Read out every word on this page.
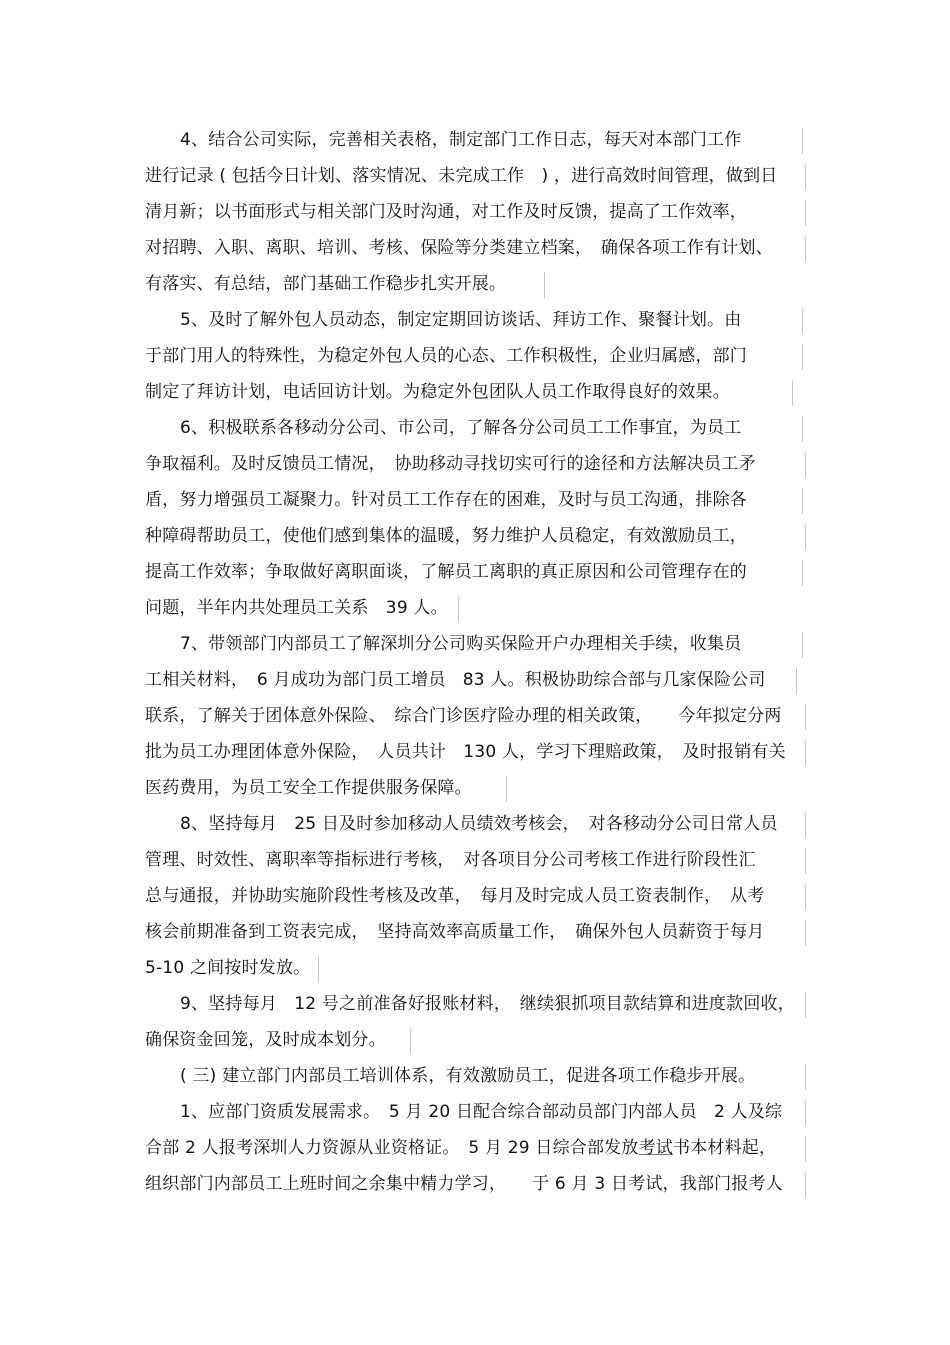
4、结合公司实际，完善相关表格，制定部门工作日志，每天对本部门工作
进行记录 ( 包括今日计划、落实情况、未完成工作　) ，进行高效时间管理，做到日
清月新；以书面形式与相关部门及时沟通，对工作及时反馈，提高了工作效率，
对招聘、入职、离职、培训、考核、保险等分类建立档案，　确保各项工作有计划、
有落实、有总结，部门基础工作稳步扎实开展。
5、及时了解外包人员动态，制定定期回访谈话、拜访工作、聚餐计划。由
于部门用人的特殊性，为稳定外包人员的心态、工作积极性，企业归属感，部门
制定了拜访计划，电话回访计划。为稳定外包团队人员工作取得良好的效果。
6、积极联系各移动分公司、市公司，了解各分公司员工工作事宜，为员工
争取福利。及时反馈员工情况，　协助移动寻找切实可行的途径和方法解决员工矛
盾，努力增强员工凝聚力。针对员工工作存在的困难，及时与员工沟通，排除各
种障碍帮助员工，使他们感到集体的温暖，努力维护人员稳定，有效激励员工，
提高工作效率；争取做好离职面谈，了解员工离职的真正原因和公司管理存在的
问题，半年内共处理员工关系　39 人。
7、带领部门内部员工了解深圳分公司购买保险开户办理相关手续，收集员
工相关材料，　6 月成功为部门员工增员　83 人。积极协助综合部与几家保险公司
联系，了解关于团体意外保险、　综合门诊医疗险办理的相关政策，　　今年拟定分两
批为员工办理团体意外保险，　人员共计　130 人，学习下理赔政策，　及时报销有关
医药费用，为员工安全工作提供服务保障。
8、坚持每月　25 日及时参加移动人员绩效考核会，　对各移动分公司日常人员
管理、时效性、离职率等指标进行考核，　对各项目分公司考核工作进行阶段性汇
总与通报，并协助实施阶段性考核及改革，　每月及时完成人员工资表制作，　从考
核会前期准备到工资表完成，　坚持高效率高质量工作，　确保外包人员薪资于每月
5-10 之间按时发放。
9、坚持每月　12 号之前准备好报账材料，　继续狠抓项目款结算和进度款回收，
确保资金回笼，及时成本划分。
( 三) 建立部门内部员工培训体系，有效激励员工，促进各项工作稳步开展。
1、应部门资质发展需求。　5 月 20 日配合综合部动员部门内部人员　2 人及综
合部 2 人报考深圳人力资源从业资格证。　5 月 29 日综合部发放考试书本材料起，
组织部门内部员工上班时间之余集中精力学习，　　于 6 月 3 日考试，我部门报考人
